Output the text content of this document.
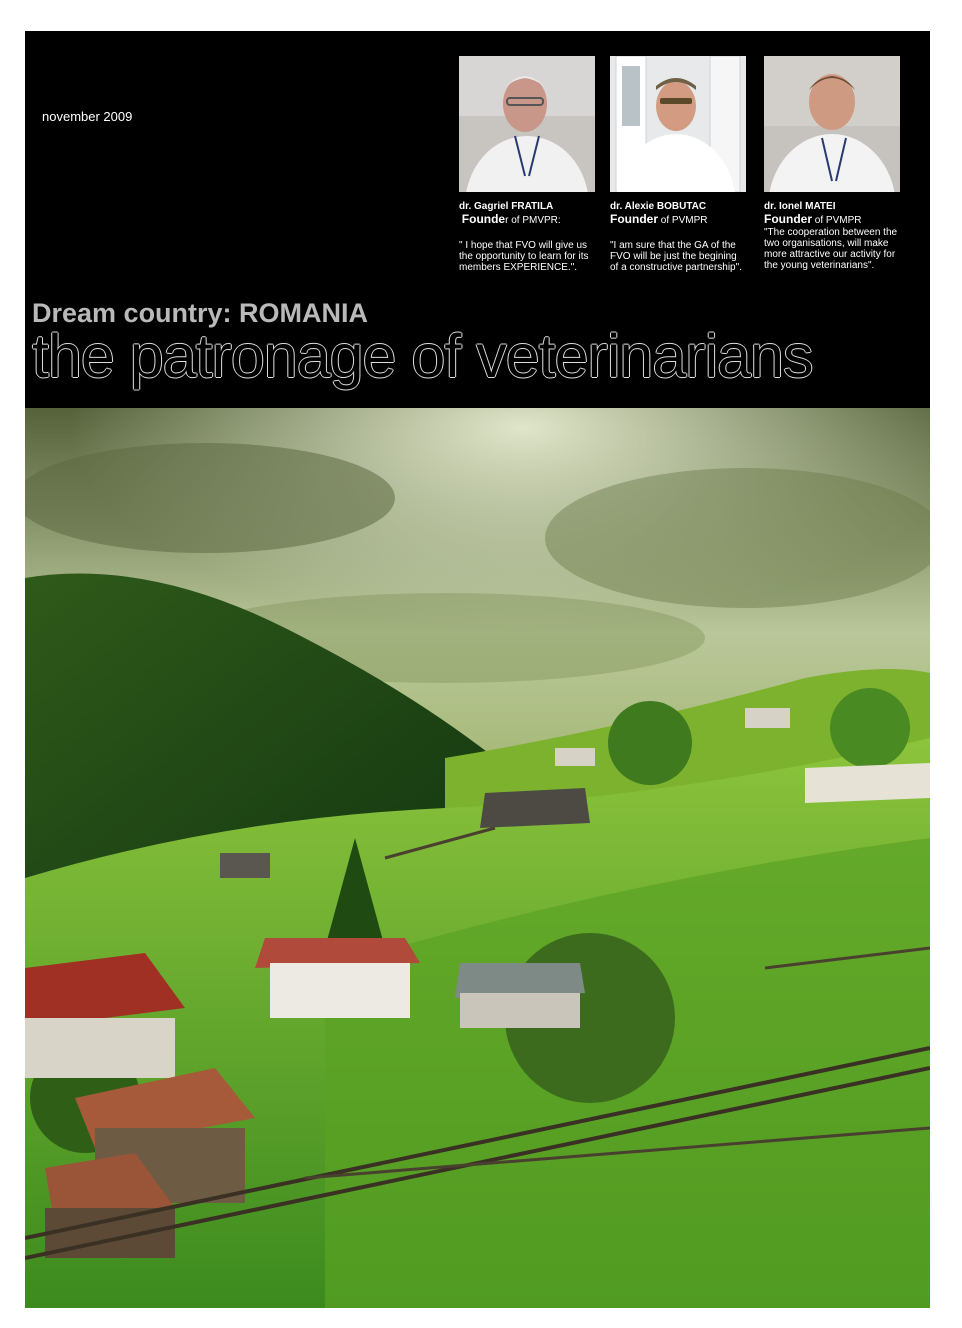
november 2009
dr. Gagriel FRATILA
Founder of PMVPR:
" I hope that FVO will give us the opportunity to learn for its members EXPERIENCE.".
dr. Alexie BOBUTAC
Founder of PVMPR
"I am sure that the GA of the FVO will be just the begining of a constructive partnership".
dr. Ionel MATEI
Founder of PVMPR
"The cooperation between the two organisations, will make more attractive our activity for the young veterinarians".
Dream country: ROMANIA
the patronage of veterinarians
